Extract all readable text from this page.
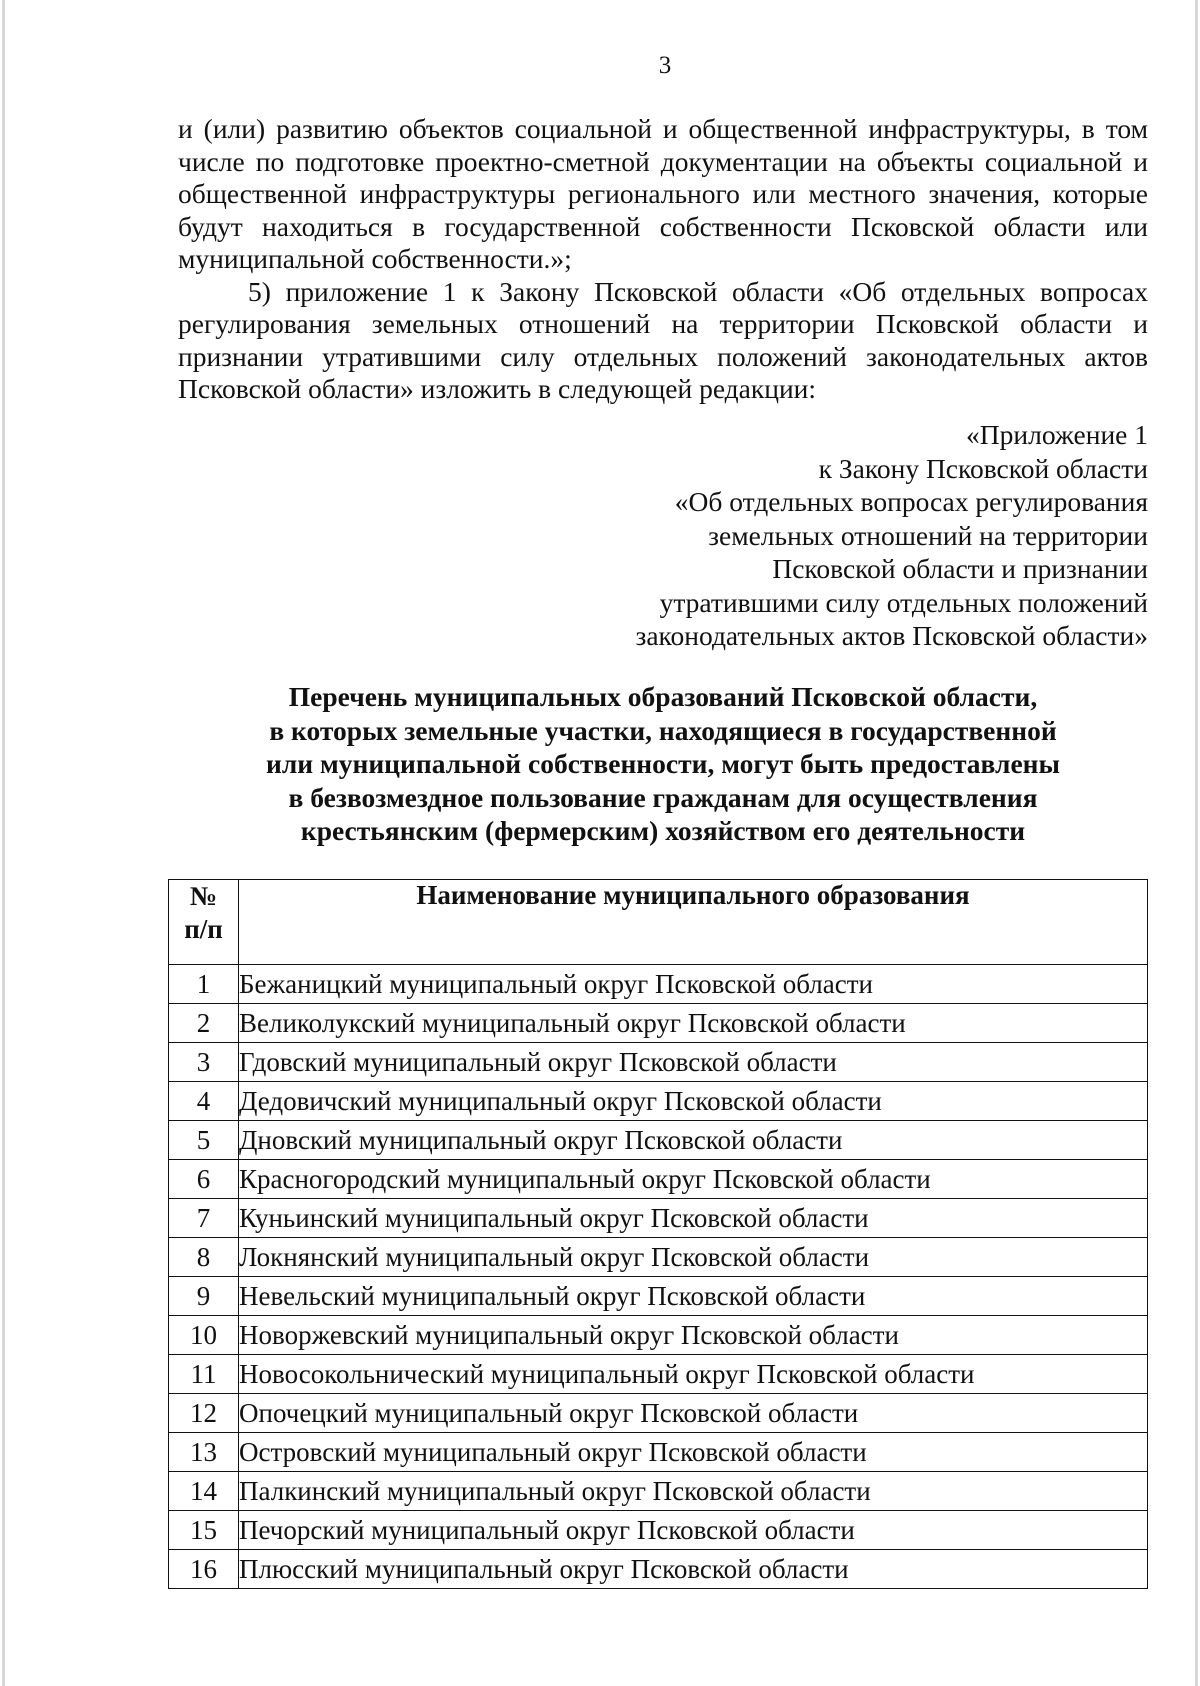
3

и (или) развитию объектов социальной и общественной инфраструктуры, в том числе по подготовке проектно-сметной документации на объекты социальной и общественной инфраструктуры регионального или местного значения, которые будут находиться в государственной собственности Псковской области или муниципальной собственности.»;

5) приложение 1 к Закону Псковской области «Об отдельных вопросах регулирования земельных отношений на территории Псковской области и признании утратившими силу отдельных положений законодательных актов Псковской области» изложить в следующей редакции:

«Приложение 1
к Закону Псковской области
«Об отдельных вопросах регулирования
земельных отношений на территории
Псковской области и признании
утратившими силу отдельных положений
законодательных актов Псковской области»
Перечень муниципальных образований Псковской области,
в которых земельные участки, находящиеся в государственной
или муниципальной собственности, могут быть предоставлены
в безвозмездное пользование гражданам для осуществления
крестьянским (фермерским) хозяйством его деятельности
№
п/п	Наименование муниципального образования
1	Бежаницкий муниципальный округ Псковской области
2	Великолукский муниципальный округ Псковской области
3	Гдовский муниципальный округ Псковской области
4	Дедовичский муниципальный округ Псковской области
5	Дновский муниципальный округ Псковской области
6	Красногородский муниципальный округ Псковской области
7	Куньинский муниципальный округ Псковской области
8	Локнянский муниципальный округ Псковской области
9	Невельский муниципальный округ Псковской области
10	Новоржевский муниципальный округ Псковской области
11	Новосокольнический муниципальный округ Псковской области
12	Опочецкий муниципальный округ Псковской области
13	Островский муниципальный округ Псковской области
14	Палкинский муниципальный округ Псковской области
15	Печорский муниципальный округ Псковской области
16	Плюсский муниципальный округ Псковской области
